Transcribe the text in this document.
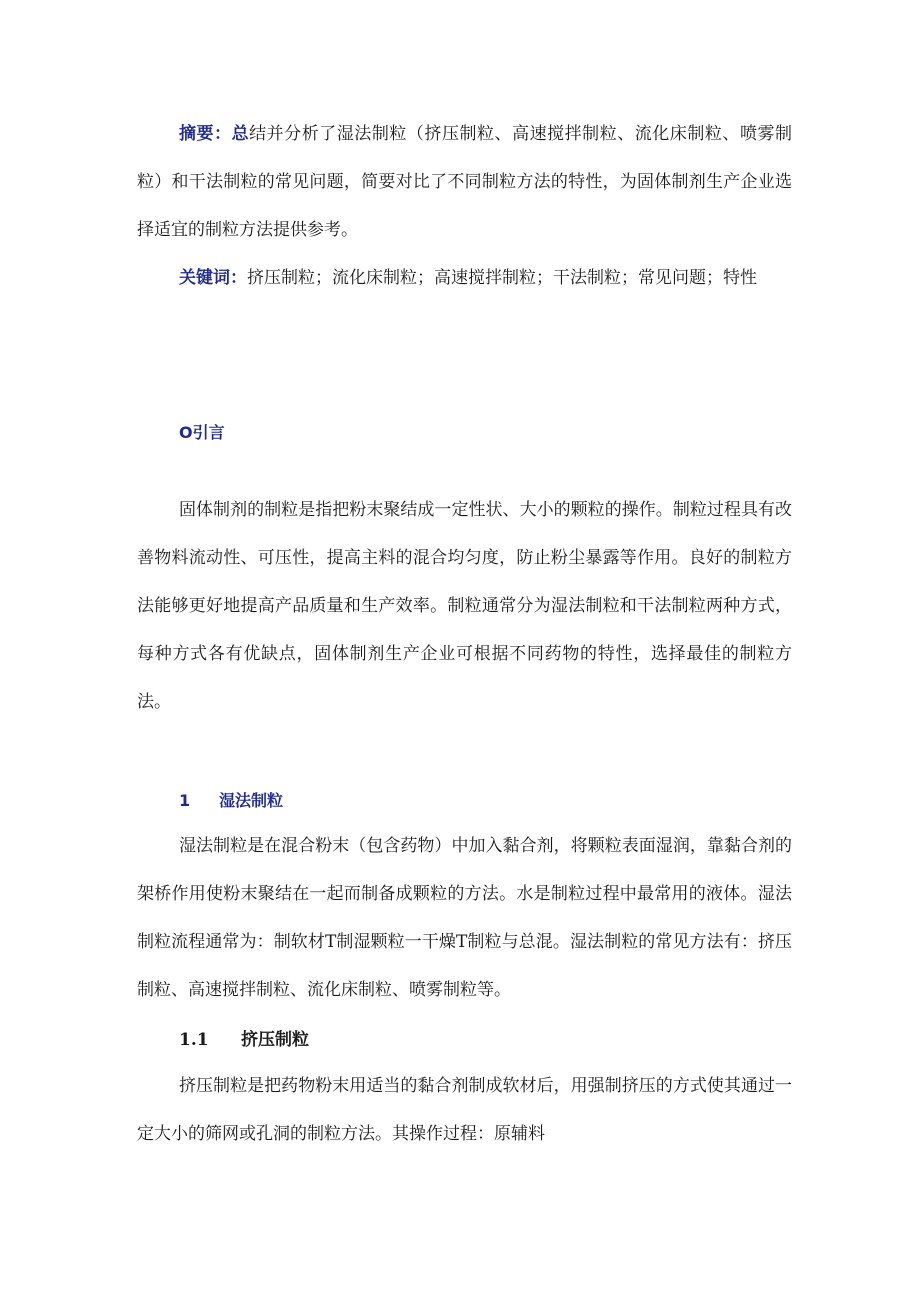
摘要：总结并分析了湿法制粒（挤压制粒、高速搅拌制粒、流化床制粒、喷雾制粒）和干法制粒的常见问题，简要对比了不同制粒方法的特性，为固体制剂生产企业选择适宜的制粒方法提供参考。

关键词：挤压制粒；流化床制粒；高速搅拌制粒；干法制粒；常见问题；特性

O引言

固体制剂的制粒是指把粉末聚结成一定性状、大小的颗粒的操作。制粒过程具有改善物料流动性、可压性，提高主料的混合均匀度，防止粉尘暴露等作用。良好的制粒方法能够更好地提高产品质量和生产效率。制粒通常分为湿法制粒和干法制粒两种方式，每种方式各有优缺点，固体制剂生产企业可根据不同药物的特性，选择最佳的制粒方法。

1 湿法制粒

湿法制粒是在混合粉末（包含药物）中加入黏合剂，将颗粒表面湿润，靠黏合剂的架桥作用使粉末聚结在一起而制备成颗粒的方法。水是制粒过程中最常用的液体。湿法制粒流程通常为：制软材T制湿颗粒一干燥T制粒与总混。湿法制粒的常见方法有：挤压制粒、高速搅拌制粒、流化床制粒、喷雾制粒等。

1.1 挤压制粒

挤压制粒是把药物粉末用适当的黏合剂制成软材后，用强制挤压的方式使其通过一定大小的筛网或孔洞的制粒方法。其操作过程：原辅料
